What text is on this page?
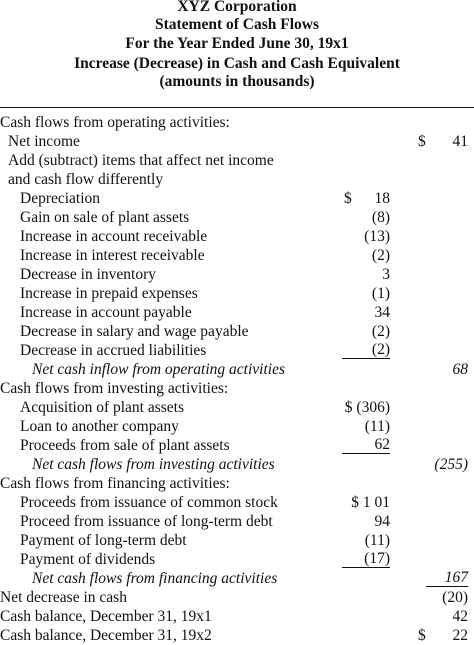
XYZ Corporation
Statement of Cash Flows
For the Year Ended June 30, 19x1
Increase (Decrease) in Cash and Cash Equivalent
(amounts in thousands)
Cash flows from operating activities:
Net income	$ 41
Add (subtract) items that affect net income
and cash flow differently
Depreciation	$ 18
Gain on sale of plant assets	(8)
Increase in account receivable	(13)
Increase in interest receivable	(2)
Decrease in inventory	3
Increase in prepaid expenses	(1)
Increase in account payable	34
Decrease in salary and wage payable	(2)
Decrease in accrued liabilities	(2)
Net cash inflow from operating activities	68
Cash flows from investing activities:
Acquisition of plant assets	$ (306)
Loan to another company	(11)
Proceeds from sale of plant assets	62
Net cash flows from investing activities	(255)
Cash flows from financing activities:
Proceeds from issuance of common stock	$ 1 01
Proceed from issuance of long-term debt	94
Payment of long-term debt	(11)
Payment of dividends	(17)
Net cash flows from financing activities	167
Net decrease in cash	(20)
Cash balance, December 31, 19x1	42
Cash balance, December 31, 19x2	$ 22
